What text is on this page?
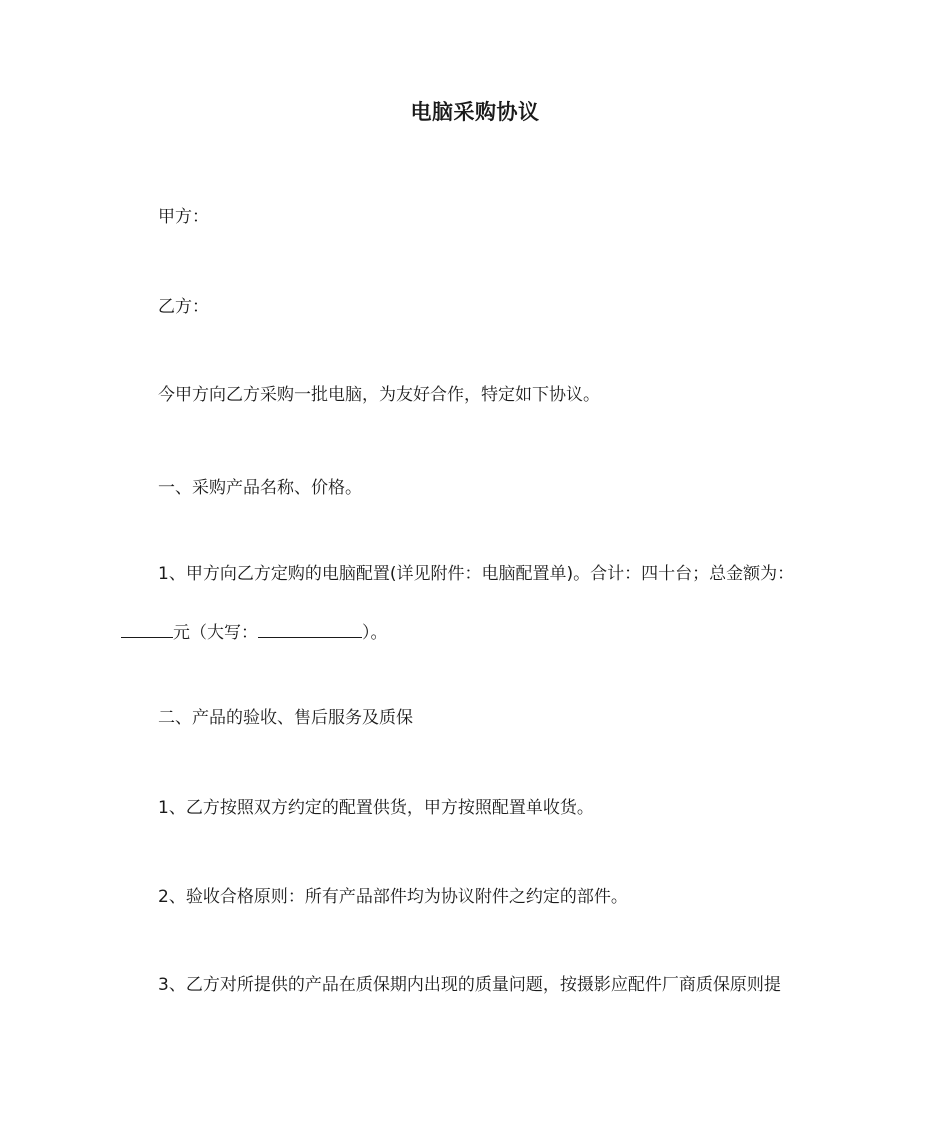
电脑采购协议
甲方：
乙方：
今甲方向乙方采购一批电脑，为友好合作，特定如下协议。
一、采购产品名称、价格。
1、甲方向乙方定购的电脑配置(详见附件：电脑配置单)。合计：四十台；总金额为：
元（大写：	）。
二、产品的验收、售后服务及质保
1、乙方按照双方约定的配置供货，甲方按照配置单收货。
2、验收合格原则：所有产品部件均为协议附件之约定的部件。
3、乙方对所提供的产品在质保期内出现的质量问题，按摄影应配件厂商质保原则提
